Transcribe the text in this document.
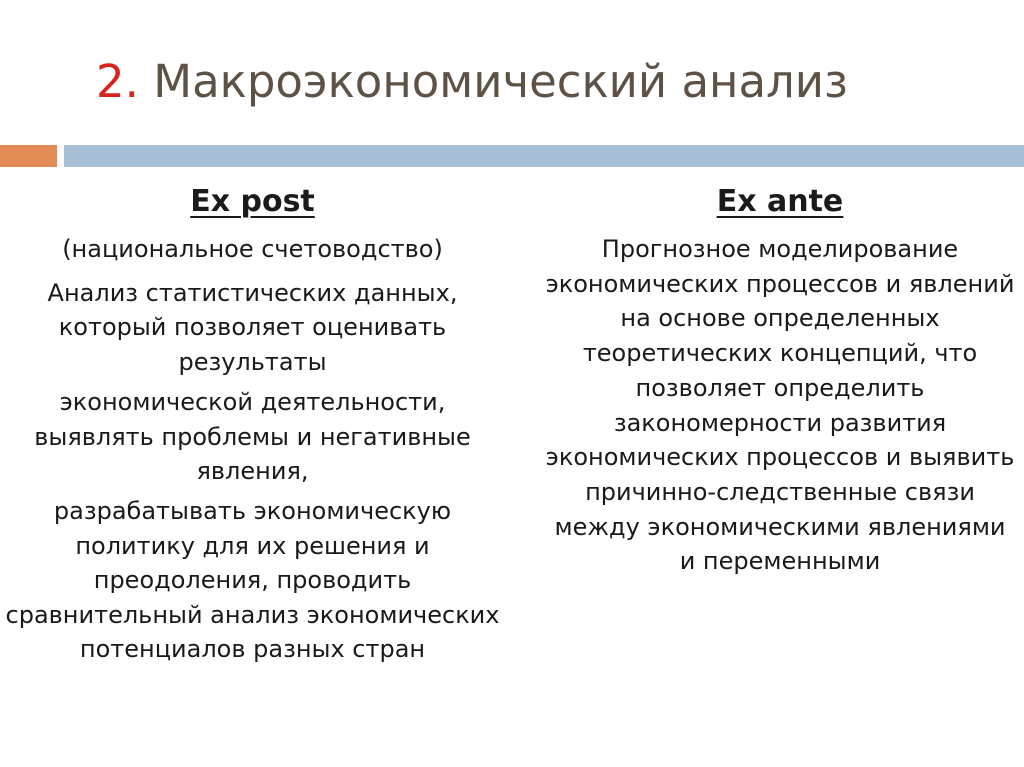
2. Макроэкономический анализ
Ex post
(национальное счетоводство)
Анализ статистических данных, который позволяет оценивать результаты
экономической деятельности, выявлять проблемы и негативные явления,
разрабатывать экономическую политику для их решения и преодоления, проводить сравнительный анализ экономических потенциалов разных стран
Ex ante
Прогнозное моделирование экономических процессов и явлений на основе определенных теоретических концепций, что позволяет определить закономерности развития экономических процессов и выявить причинно-следственные связи между экономическими явлениями и переменными
